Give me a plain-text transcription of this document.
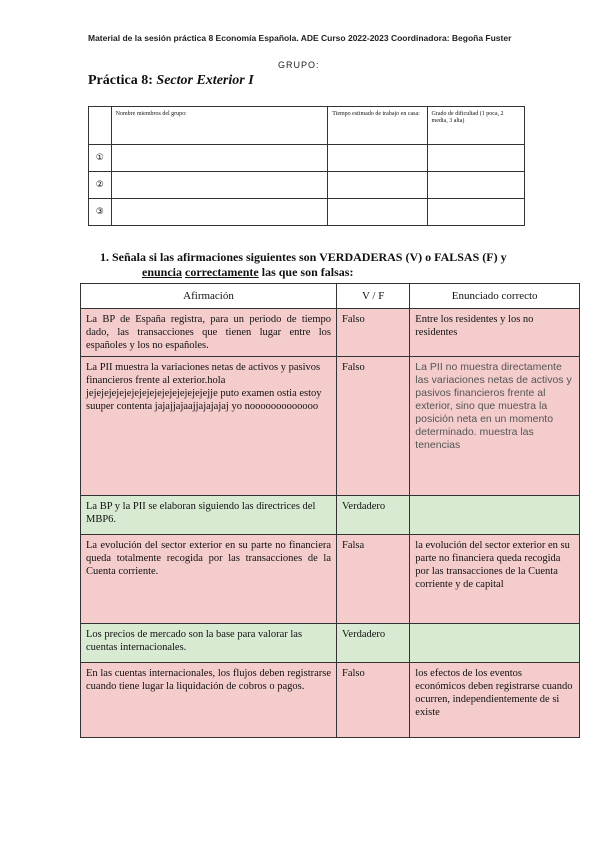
Material de la sesión práctica 8 Economía Española. ADE Curso 2022-2023 Coordinadora: Begoña Fuster
GRUPO:
Práctica 8: Sector Exterior I
	Nombre miembros del grupo:	Tiempo estimado de trabajo en casa:	Grado de dificultad (1 poca, 2 media, 3 alta)
①			
②			
③			
1. Señala si las afirmaciones siguientes son VERDADERAS (V) o FALSAS (F) y
enuncia correctamente las que son falsas:
Afirmación	V / F	Enunciado correcto
La BP de España registra, para un periodo de tiempo dado, las transacciones que tienen lugar entre los españoles y los no españoles.	Falso	Entre los residentes y los no residentes
La PII muestra la variaciones netas de activos y pasivos financieros frente al exterior.hola jejejejejejejejejejejejejejejejejje puto examen ostia estoy suuper contenta jajajjajaajjajajajaj yo nooooooooooooo	Falso	La PII no muestra directamente las variaciones netas de activos y pasivos financieros frente al exterior, sino que muestra la posición neta en un momento determinado. muestra las tenencias
La BP y la PII se elaboran siguiendo las directrices del MBP6.	Verdadero	
La evolución del sector exterior en su parte no financiera queda totalmente recogida por las transacciones de la Cuenta corriente.	Falsa	la evolución del sector exterior en su parte no financiera queda recogida por las transacciones de la Cuenta corriente y de capital
Los precios de mercado son la base para valorar las cuentas internacionales.	Verdadero	
En las cuentas internacionales, los flujos deben registrarse cuando tiene lugar la liquidación de cobros o pagos.	Falso	los efectos de los eventos económicos deben registrarse cuando ocurren, independientemente de si existe
